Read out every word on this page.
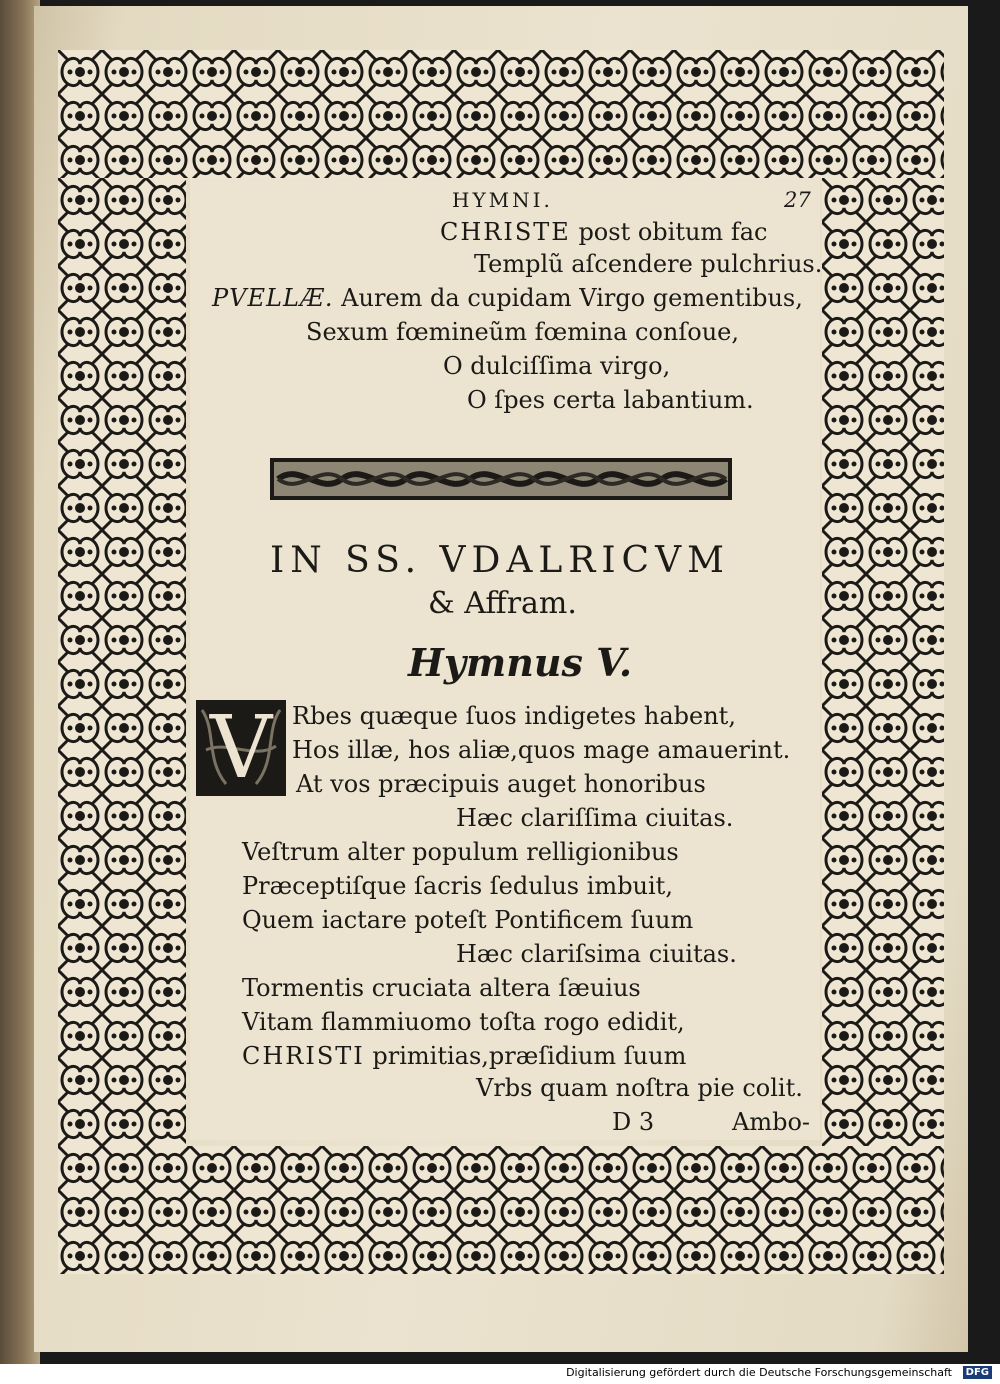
HYMNI.	27
CHRISTE post obitum fac
Templũ aſcendere pulchrius.
PVELLÆ. Aurem da cupidam Virgo gementibus,
Sexum fœmineũm fœmina conſoue,
O dulciſſima virgo,
O ſpes certa labantium.
IN SS. VDALRICVM
& Affram.
Hymnus V.
V Rbes quæque ſuos indigetes habent,
Hos illæ, hos aliæ,quos mage amauerint.
At vos præcipuis auget honoribus
Hæc clariſſima ciuitas.
Veſtrum alter populum relligionibus
Præceptiſque ſacris ſedulus imbuit,
Quem iactare poteſt Pontificem ſuum
Hæc clariſsima ciuitas.
Tormentis cruciata altera ſæuius
Vitam flammiuomo toſta rogo edidit,
CHRISTI primitias,præſidium ſuum
Vrbs quam noſtra pie colit.
D 3	Ambo-
Digitalisierung gefördert durch die Deutsche Forschungsgemeinschaft	DFG
